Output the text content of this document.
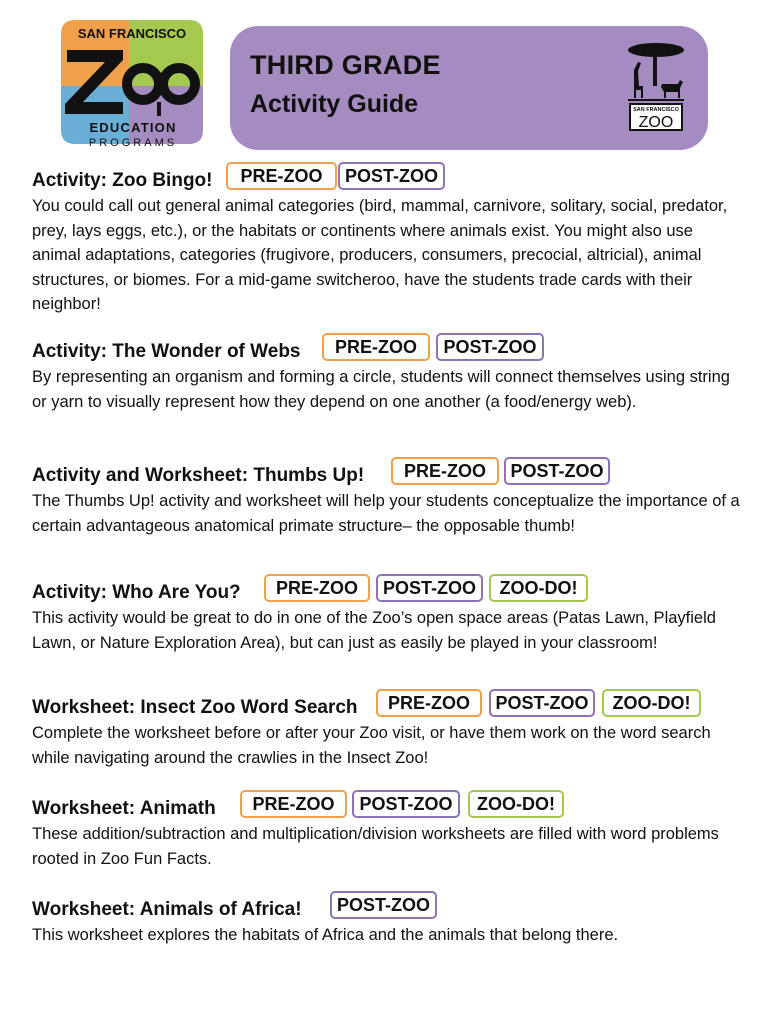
SAN FRANCISCO
EDUCATION
PROGRAMS
THIRD GRADE
Activity Guide	SAN FRANCISCO
ZOO
Activity: Zoo Bingo!	PRE-ZOO	POST-ZOO
You could call out general animal categories (bird, mammal, carnivore, solitary, social, predator, prey, lays eggs, etc.), or the habitats or continents where animals exist. You might also use animal adaptations, categories (frugivore, producers, consumers, precocial, altricial), animal structures, or biomes. For a mid-game switcheroo, have the students trade cards with their neighbor!
Activity: The Wonder of Webs	PRE-ZOO	POST-ZOO
By representing an organism and forming a circle, students will connect themselves using string or yarn to visually represent how they depend on one another (a food/energy web).
Activity and Worksheet: Thumbs Up!	PRE-ZOO	POST-ZOO
The Thumbs Up! activity and worksheet will help your students conceptualize the importance of a certain advantageous anatomical primate structure– the opposable thumb!
Activity: Who Are You?	PRE-ZOO	POST-ZOO	ZOO-DO!
This activity would be great to do in one of the Zoo’s open space areas (Patas Lawn, Playfield Lawn, or Nature Exploration Area), but can just as easily be played in your classroom!
Worksheet: Insect Zoo Word Search	PRE-ZOO	POST-ZOO	ZOO-DO!
Complete the worksheet before or after your Zoo visit, or have them work on the word search while navigating around the crawlies in the Insect Zoo!
Worksheet: Animath	PRE-ZOO	POST-ZOO	ZOO-DO!
These addition/subtraction and multiplication/division worksheets are filled with word problems rooted in Zoo Fun Facts.
Worksheet: Animals of Africa!	POST-ZOO
This worksheet explores the habitats of Africa and the animals that belong there.
